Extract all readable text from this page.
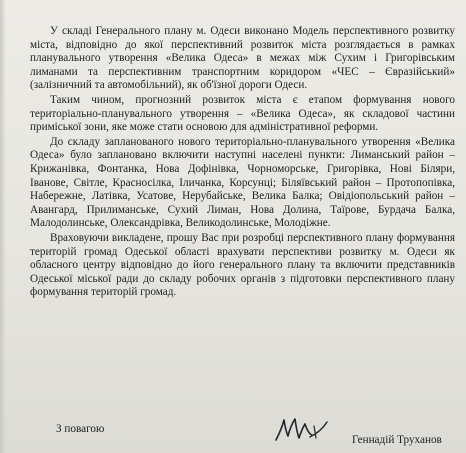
У складі Генерального плану м. Одеси виконано Модель перспективного розвитку міста, відповідно до якої перспективний розвиток міста розглядається в рамках планувального утворення «Велика Одеса» в межах між Сухим і Григорівським лиманами та перспективним транспортним коридором «ЧЕС – Євразійський» (залізничний та автомобільний), як об'їзної дороги Одеси.

Таким чином, прогнозний розвиток міста є етапом формування нового територіально-планувального утворення – «Велика Одеса», як складової частини приміської зони, яке може стати основою для адміністративної реформи.

До складу запланованого нового територіально-планувального утворення «Велика Одеса» було заплановано включити наступні населені пункти: Лиманський район – Крижанівка, Фонтанка, Нова Дофінівка, Чорноморське, Григорівка, Нові Біляри, Іванове, Світле, Красносілка, Іличанка, Корсунці; Біляївський район – Протопопівка, Набережне, Латівка, Усатове, Нерубайське, Велика Балка; Овідіопольський район – Авангард, Прилиманське, Сухий Лиман, Нова Долина, Таїрове, Бурдача Балка, Малодолинське, Олександрівка, Великодолинське, Молодіжне.

Враховуючи викладене, прошу Вас при розробці перспективного плану формування територій громад Одеської області врахувати перспективи розвитку м. Одеси як обласного центру відповідно до його генерального плану та включити представників Одеської міської ради до складу робочих органів з підготовки перспективного плану формування територій громад.

З повагою
Геннадій Труханов
